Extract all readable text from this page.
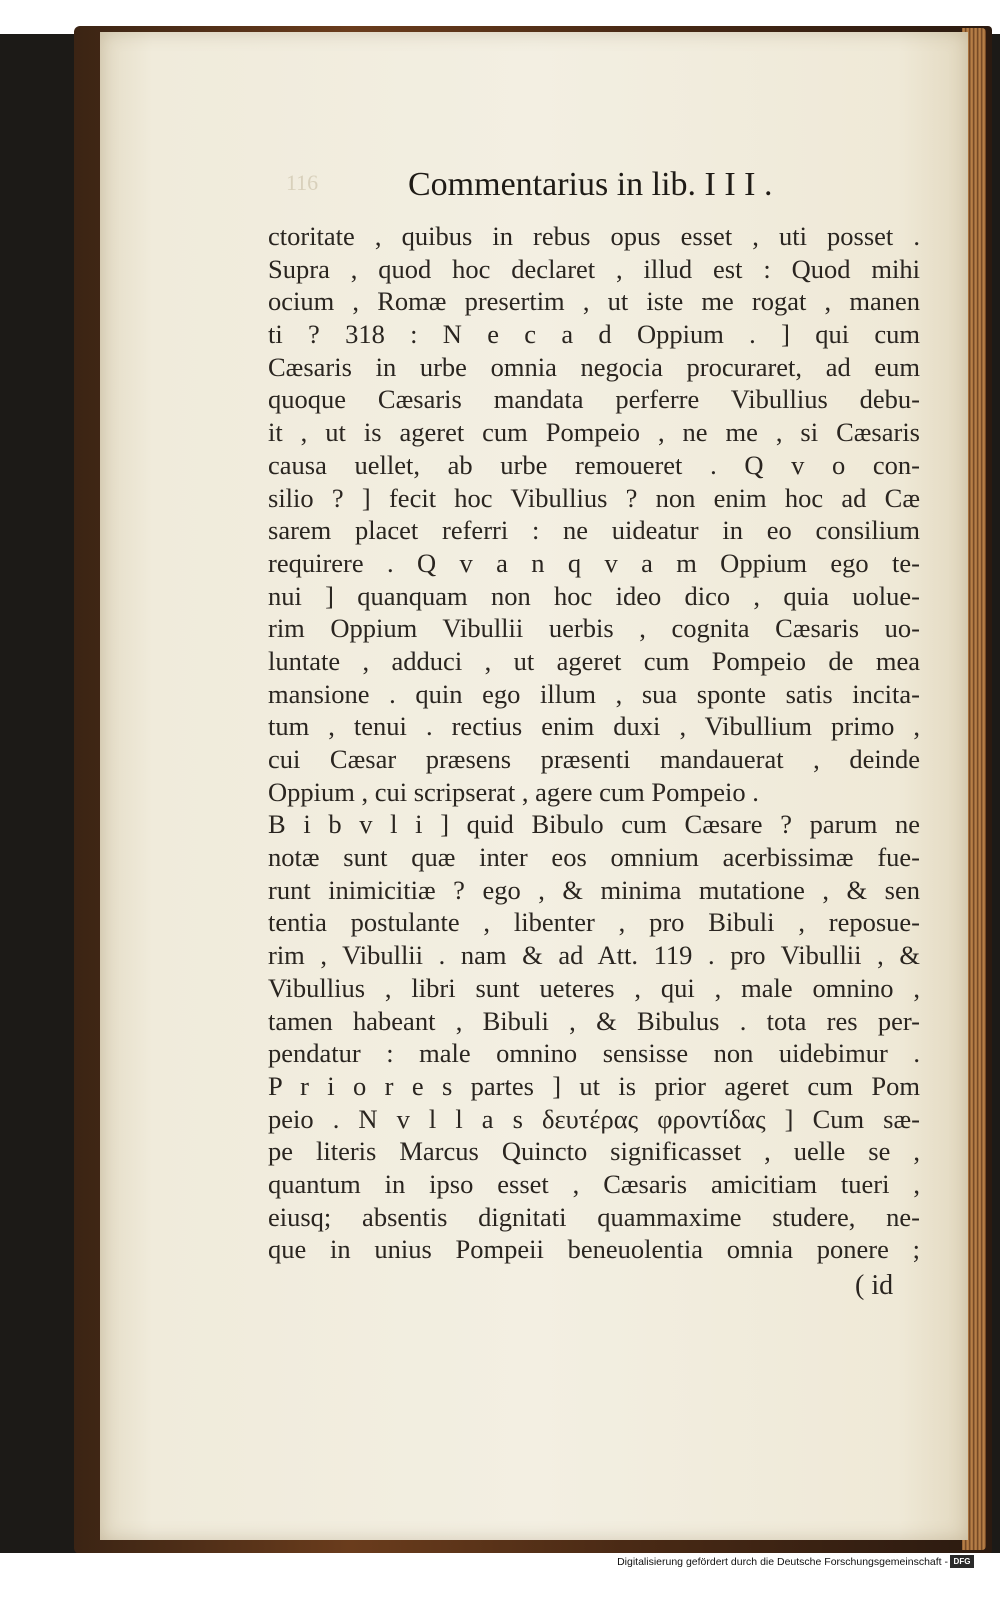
116	Commentarius in lib. I I I .
ctoritate , quibus in rebus opus esset , uti posset .
Supra , quod hoc declaret , illud est : Quod mihi
ocium , Romæ presertim , ut iste me rogat , manen
ti ? 318 : N e c a d Oppium . ] qui cum
Cæsaris in urbe omnia negocia procuraret, ad eum
quoque Cæsaris mandata perferre Vibullius debu-
it , ut is ageret cum Pompeio , ne me , si Cæsaris
causa uellet, ab urbe remoueret . Q v o con-
silio ? ] fecit hoc Vibullius ? non enim hoc ad Cæ
sarem placet referri : ne uideatur in eo consilium
requirere . Q v a n q v a m Oppium ego te-
nui ] quanquam non hoc ideo dico , quia uolue-
rim Oppium Vibullii uerbis , cognita Cæsaris uo-
luntate , adduci , ut ageret cum Pompeio de mea
mansione . quin ego illum , sua sponte satis incita-
tum , tenui . rectius enim duxi , Vibullium primo ,
cui Cæsar præsens præsenti mandauerat , deinde
Oppium , cui scripserat , agere cum Pompeio .
B i b v l i ] quid Bibulo cum Cæsare ? parum ne
notæ sunt quæ inter eos omnium acerbissimæ fue-
runt inimicitiæ ? ego , & minima mutatione , & sen
tentia postulante , libenter , pro Bibuli , reposue-
rim , Vibullii . nam & ad Att. 119 . pro Vibullii , &
Vibullius , libri sunt ueteres , qui , male omnino ,
tamen habeant , Bibuli , & Bibulus . tota res per-
pendatur : male omnino sensisse non uidebimur .
P r i o r e s partes ] ut is prior ageret cum Pom
peio . N v l l a s δευτέρας φροντίδας ] Cum sæ-
pe literis Marcus Quincto significasset , uelle se ,
quantum in ipso esset , Cæsaris amicitiam tueri ,
eiusq; absentis dignitati quammaxime studere, ne-
que in unius Pompeii beneuolentia omnia ponere ;
( id
Digitalisierung gefördert durch die Deutsche Forschungsgemeinschaft - DFG
